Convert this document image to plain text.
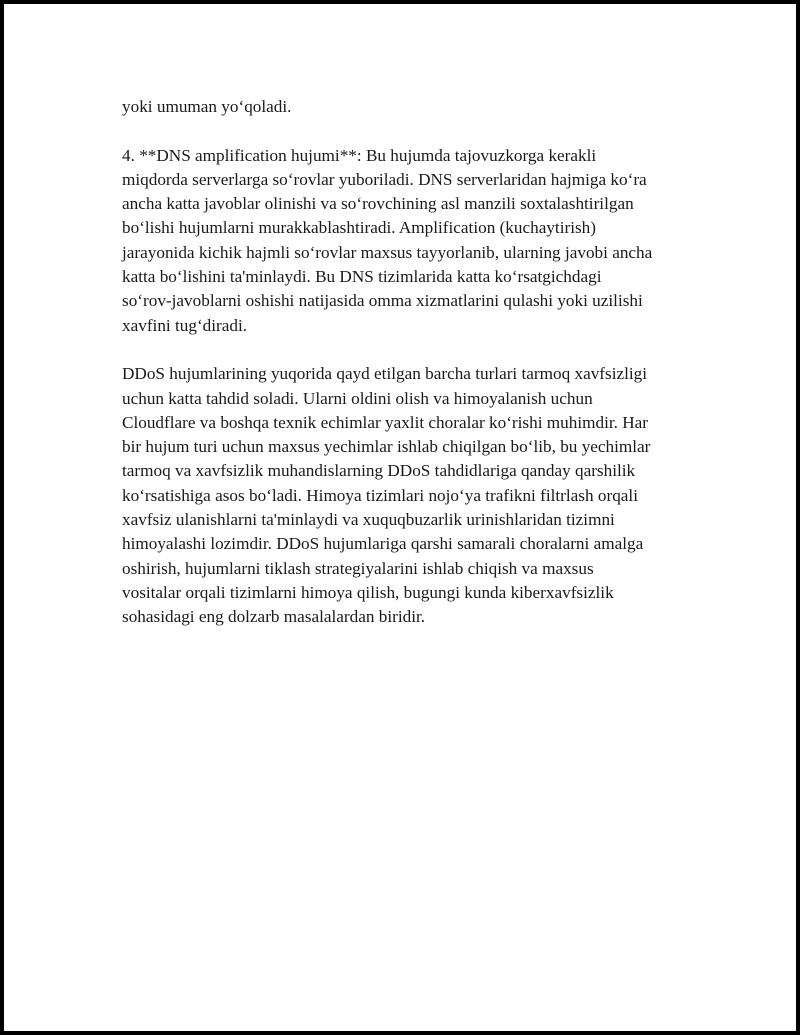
yoki umuman yo‘qoladi.

4. **DNS amplification hujumi**: Bu hujumda tajovuzkorga kerakli
miqdorda serverlarga so‘rovlar yuboriladi. DNS serverlaridan hajmiga ko‘ra
ancha katta javoblar olinishi va so‘rovchining asl manzili soxtalashtirilgan
bo‘lishi hujumlarni murakkablashtiradi. Amplification (kuchaytirish)
jarayonida kichik hajmli so‘rovlar maxsus tayyorlanib, ularning javobi ancha
katta bo‘lishini ta'minlaydi. Bu DNS tizimlarida katta ko‘rsatgichdagi
so‘rov-javoblarni oshishi natijasida omma xizmatlarini qulashi yoki uzilishi
xavfini tug‘diradi.

DDoS hujumlarining yuqorida qayd etilgan barcha turlari tarmoq xavfsizligi
uchun katta tahdid soladi. Ularni oldini olish va himoyalanish uchun
Cloudflare va boshqa texnik echimlar yaxlit choralar ko‘rishi muhimdir. Har
bir hujum turi uchun maxsus yechimlar ishlab chiqilgan bo‘lib, bu yechimlar
tarmoq va xavfsizlik muhandislarning DDoS tahdidlariga qanday qarshilik
ko‘rsatishiga asos bo‘ladi. Himoya tizimlari nojo‘ya trafikni filtrlash orqali
xavfsiz ulanishlarni ta'minlaydi va xuquqbuzarlik urinishlaridan tizimni
himoyalashi lozimdir. DDoS hujumlariga qarshi samarali choralarni amalga
oshirish, hujumlarni tiklash strategiyalarini ishlab chiqish va maxsus
vositalar orqali tizimlarni himoya qilish, bugungi kunda kiberxavfsizlik
sohasidagi eng dolzarb masalalardan biridir.
